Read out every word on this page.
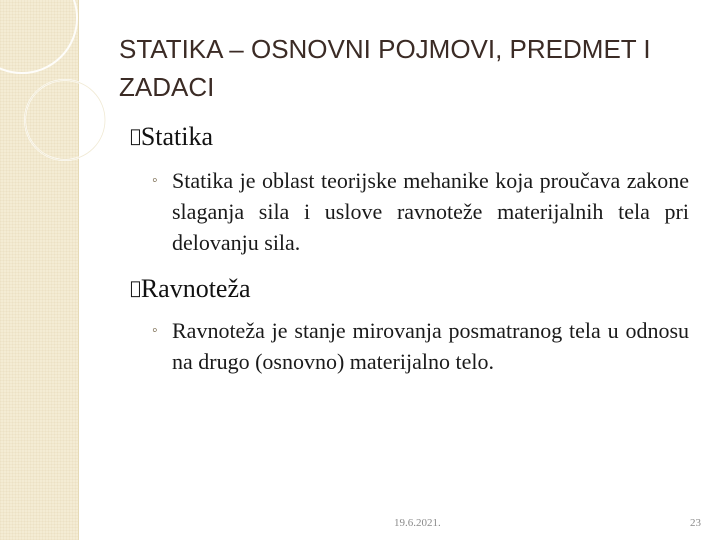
STATIKA – OSNOVNI POJMOVI, PREDMET I ZADACI
Statika
◦ Statika je oblast teorijske mehanike koja proučava zakone slaganja sila i uslove ravnoteže materijalnih tela pri delovanju sila.
Ravnoteža
◦ Ravnoteža je stanje mirovanja posmatranog tela u odnosu na drugo (osnovno) materijalno telo.
19.6.2021.	23
